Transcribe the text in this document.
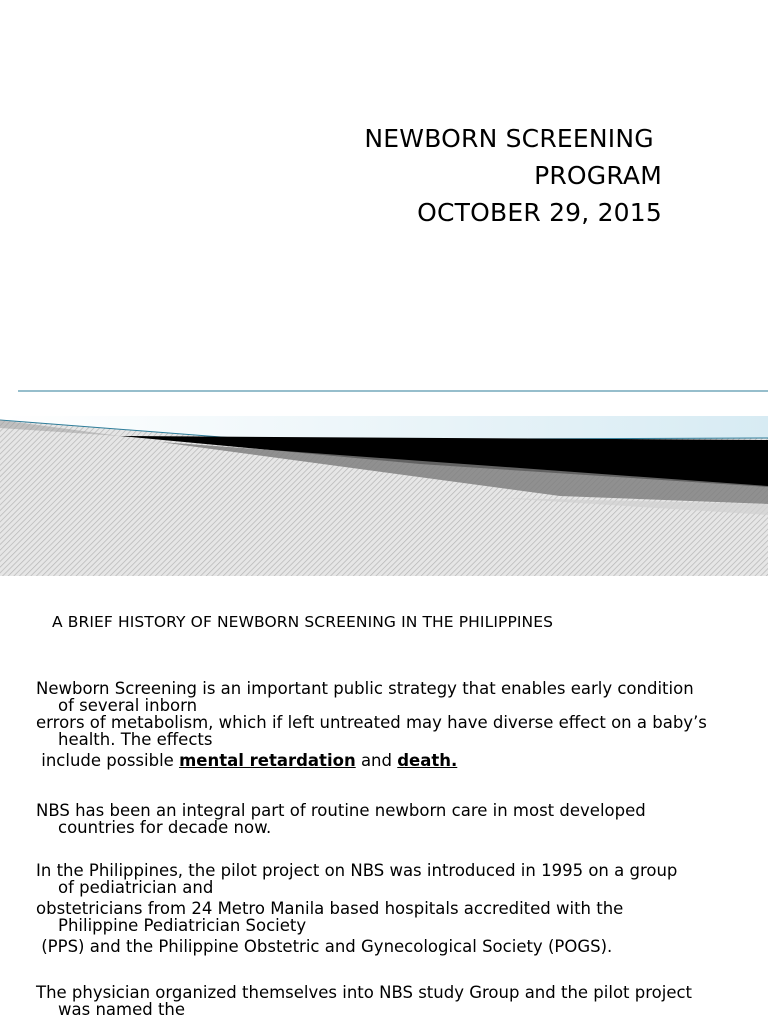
NEWBORN SCREENING
PROGRAM
OCTOBER 29, 2015
A BRIEF HISTORY OF NEWBORN SCREENING IN THE PHILIPPINES
Newborn Screening is an important public strategy that enables early condition
of several inborn
errors of metabolism, which if left untreated may have diverse effect on a baby’s
health. The effects
include possible mental retardation and death.
NBS has been an integral part of routine newborn care in most developed
countries for decade now.
In the Philippines, the pilot project on NBS was introduced in 1995 on a group
of pediatrician and
obstetricians from 24 Metro Manila based hospitals accredited with the
Philippine Pediatrician Society
(PPS) and the Philippine Obstetric and Gynecological Society (POGS).
The physician organized themselves into NBS study Group and the pilot project
was named the
